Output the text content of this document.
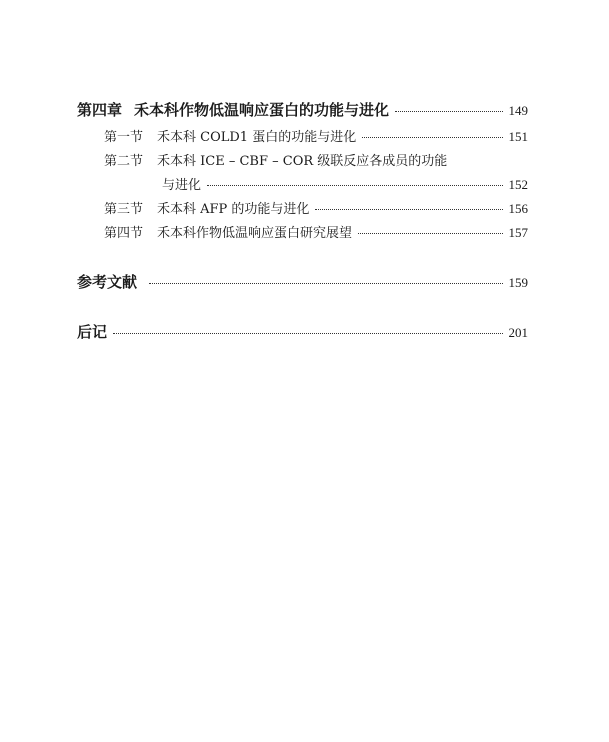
第四章 禾本科作物低温响应蛋白的功能与进化	149
第一节 禾本科 COLD1 蛋白的功能与进化	151
第二节 禾本科 ICE – CBF – COR 级联反应各成员的功能
与进化	152
第三节 禾本科 AFP 的功能与进化	156
第四节 禾本科作物低温响应蛋白研究展望	157
参考文献	159
后记	201
